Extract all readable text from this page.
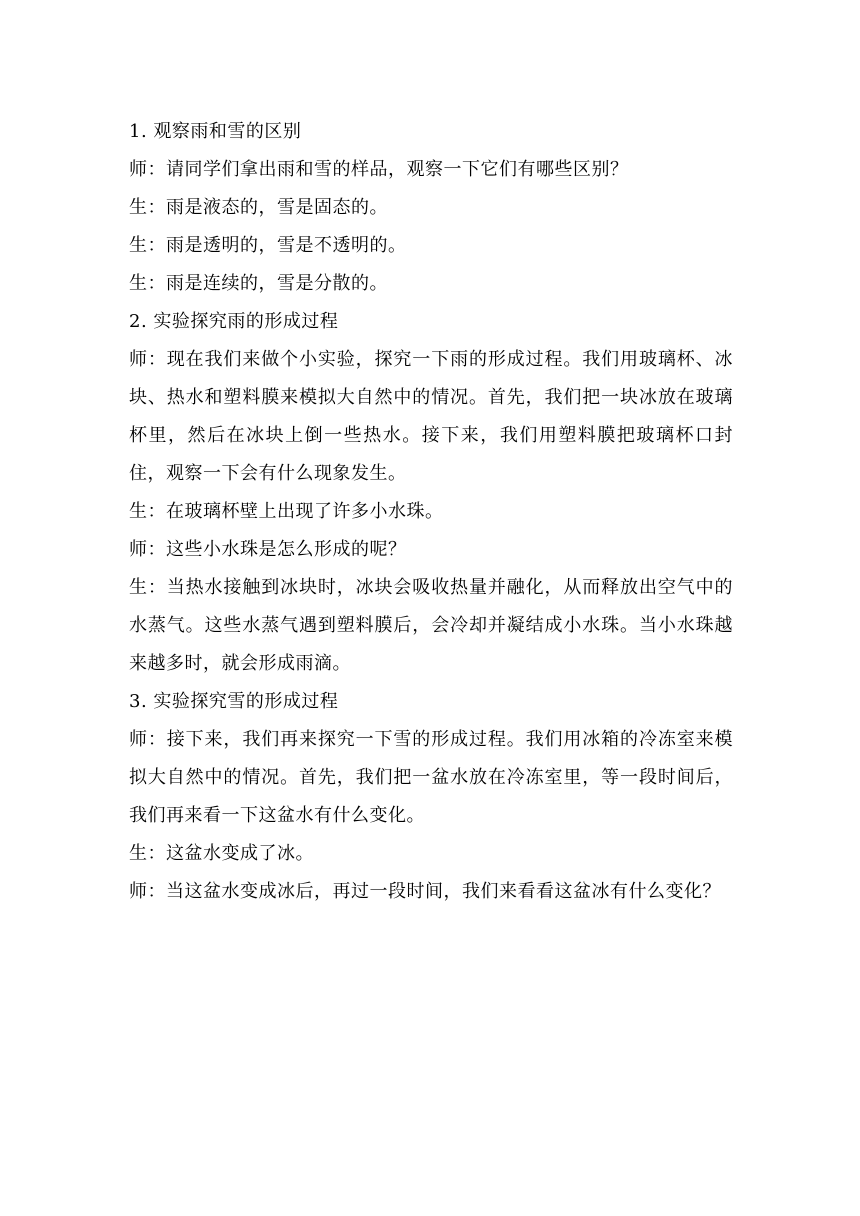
1. 观察雨和雪的区别

师：请同学们拿出雨和雪的样品，观察一下它们有哪些区别？

生：雨是液态的，雪是固态的。

生：雨是透明的，雪是不透明的。

生：雨是连续的，雪是分散的。

2. 实验探究雨的形成过程

师：现在我们来做个小实验，探究一下雨的形成过程。我们用玻璃杯、冰块、热水和塑料膜来模拟大自然中的情况。首先，我们把一块冰放在玻璃杯里，然后在冰块上倒一些热水。接下来，我们用塑料膜把玻璃杯口封住，观察一下会有什么现象发生。

生：在玻璃杯壁上出现了许多小水珠。

师：这些小水珠是怎么形成的呢？

生：当热水接触到冰块时，冰块会吸收热量并融化，从而释放出空气中的水蒸气。这些水蒸气遇到塑料膜后，会冷却并凝结成小水珠。当小水珠越来越多时，就会形成雨滴。

3. 实验探究雪的形成过程

师：接下来，我们再来探究一下雪的形成过程。我们用冰箱的冷冻室来模拟大自然中的情况。首先，我们把一盆水放在冷冻室里，等一段时间后，我们再来看一下这盆水有什么变化。

生：这盆水变成了冰。

师：当这盆水变成冰后，再过一段时间，我们来看看这盆冰有什么变化？
